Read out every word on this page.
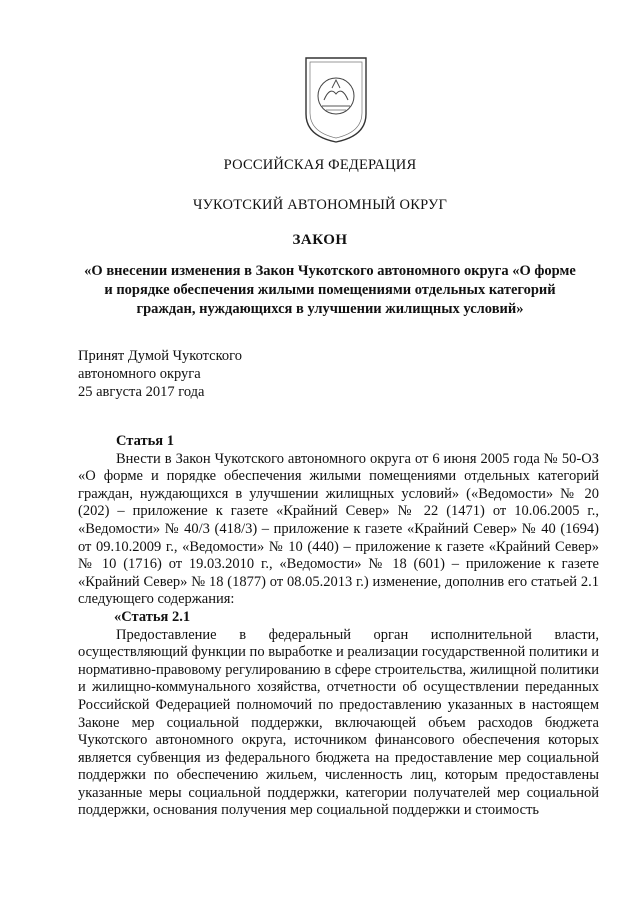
РОССИЙСКАЯ ФЕДЕРАЦИЯ
ЧУКОТСКИЙ АВТОНОМНЫЙ ОКРУГ
ЗАКОН
«О внесении изменения в Закон Чукотского автономного округа «О форме
и порядке обеспечения жилыми помещениями отдельных категорий
граждан, нуждающихся в улучшении жилищных условий»
Принят Думой Чукотского
автономного округа
25 августа 2017 года
Статья 1

Внести в Закон Чукотского автономного округа от 6 июня 2005 года № 50-ОЗ «О форме и порядке обеспечения жилыми помещениями отдельных категорий граждан, нуждающихся в улучшении жилищных условий» («Ведомости» № 20 (202) – приложение к газете «Крайний Север» № 22 (1471) от 10.06.2005 г., «Ведомости» № 40/3 (418/3) – приложение к газете «Крайний Север» № 40 (1694) от 09.10.2009 г., «Ведомости» № 10 (440) – приложение к газете «Крайний Север» № 10 (1716) от 19.03.2010 г., «Ведомости» № 18 (601) – приложение к газете «Крайний Север» № 18 (1877) от 08.05.2013 г.) изменение, дополнив его статьей 2.1 следующего содержания:

«Статья 2.1

Предоставление в федеральный орган исполнительной власти, осуществляющий функции по выработке и реализации государственной политики и нормативно-правовому регулированию в сфере строительства, жилищной политики и жилищно-коммунального хозяйства, отчетности об осуществлении переданных Российской Федерацией полномочий по предоставлению указанных в настоящем Законе мер социальной поддержки, включающей объем расходов бюджета Чукотского автономного округа, источником финансового обеспечения которых является субвенция из федерального бюджета на предоставление мер социальной поддержки по обеспечению жильем, численность лиц, которым предоставлены указанные меры социальной поддержки, категории получателей мер социальной поддержки, основания получения мер социальной поддержки и стоимость
